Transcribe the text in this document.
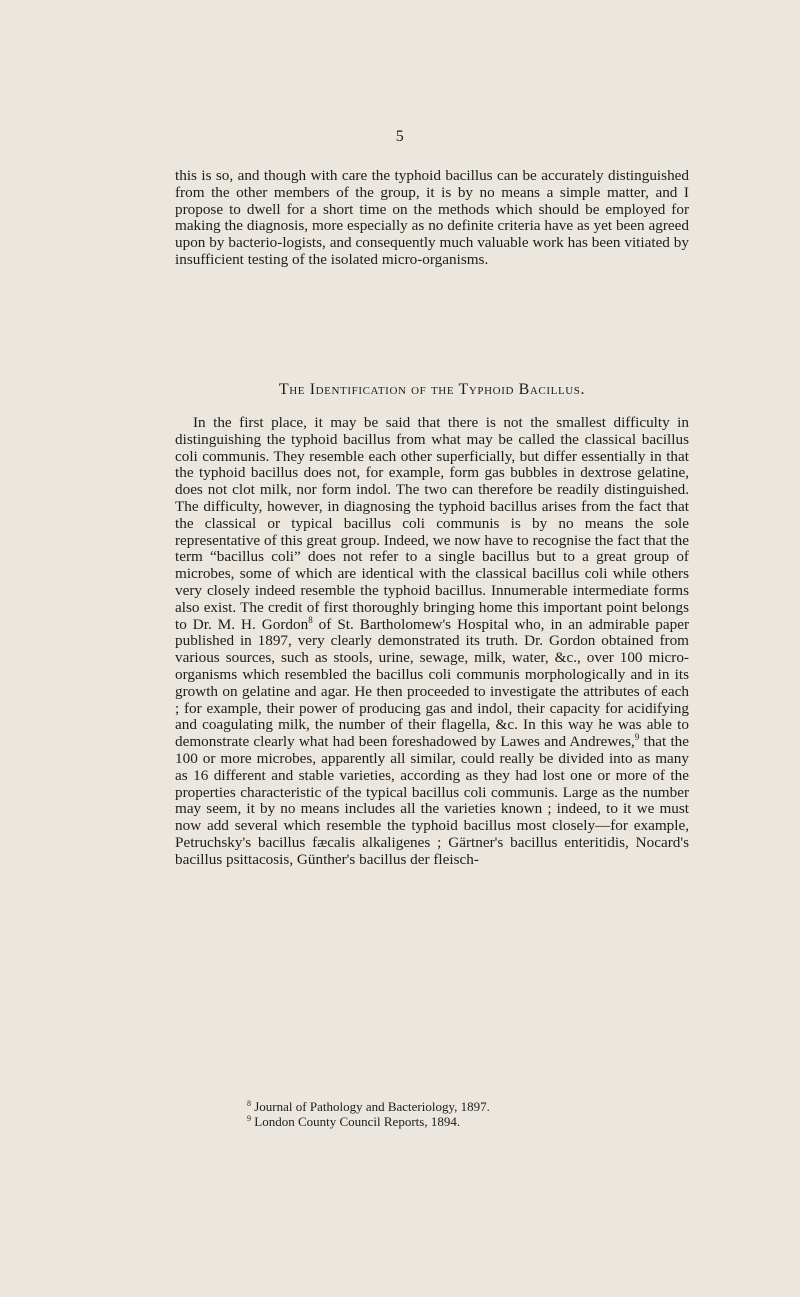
5

this is so, and though with care the typhoid bacillus can be accurately distinguished from the other members of the group, it is by no means a simple matter, and I propose to dwell for a short time on the methods which should be employed for making the diagnosis, more especially as no definite criteria have as yet been agreed upon by bacterio-logists, and consequently much valuable work has been vitiated by insufficient testing of the isolated micro-organisms.

The Identification of the Typhoid Bacillus.

In the first place, it may be said that there is not the smallest difficulty in distinguishing the typhoid bacillus from what may be called the classical bacillus coli communis. They resemble each other superficially, but differ essentially in that the typhoid bacillus does not, for example, form gas bubbles in dextrose gelatine, does not clot milk, nor form indol. The two can therefore be readily distinguished. The difficulty, however, in diagnosing the typhoid bacillus arises from the fact that the classical or typical bacillus coli communis is by no means the sole representative of this great group. Indeed, we now have to recognise the fact that the term “bacillus coli” does not refer to a single bacillus but to a great group of microbes, some of which are identical with the classical bacillus coli while others very closely indeed resemble the typhoid bacillus. Innumerable intermediate forms also exist. The credit of first thoroughly bringing home this important point belongs to Dr. M. H. Gordon$^8$ of St. Bartholomew's Hospital who, in an admirable paper published in 1897, very clearly demonstrated its truth. Dr. Gordon obtained from various sources, such as stools, urine, sewage, milk, water, &c., over 100 micro-organisms which resembled the bacillus coli communis morphologically and in its growth on gelatine and agar. He then proceeded to investigate the attributes of each ; for example, their power of producing gas and indol, their capacity for acidifying and coagulating milk, the number of their flagella, &c. In this way he was able to demonstrate clearly what had been foreshadowed by Lawes and Andrewes,$^9$ that the 100 or more microbes, apparently all similar, could really be divided into as many as 16 different and stable varieties, according as they had lost one or more of the properties characteristic of the typical bacillus coli communis. Large as the number may seem, it by no means includes all the varieties known ; indeed, to it we must now add several which resemble the typhoid bacillus most closely—for example, Petruchsky's bacillus fæcalis alkaligenes ; Gärtner's bacillus enteritidis, Nocard's bacillus psittacosis, Günther's bacillus der fleisch-

$^8$ Journal of Pathology and Bacteriology, 1897.
$^9$ London County Council Reports, 1894.
